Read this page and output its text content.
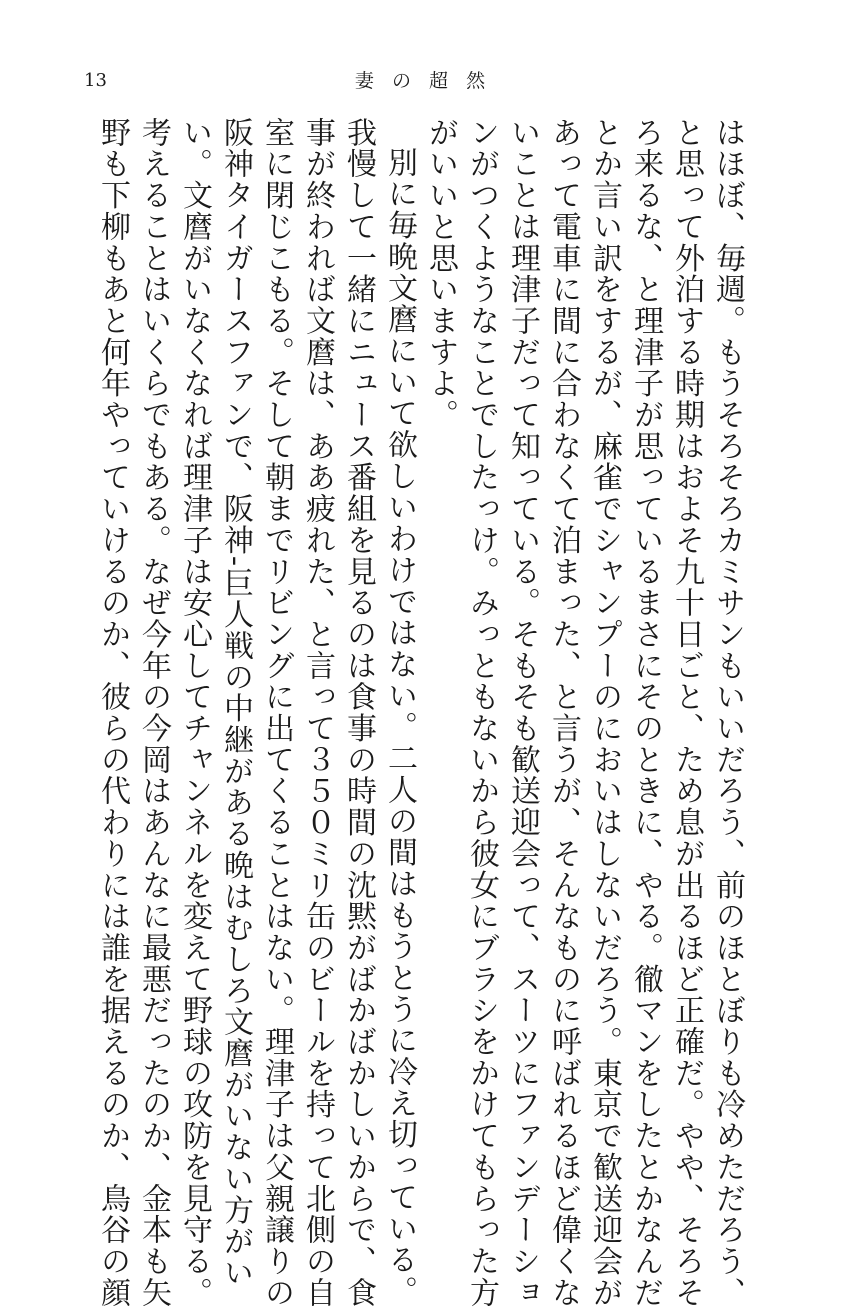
13	妻の超然
はほぼ、毎週。もうそろそろカミサンもいいだろう、前のほとぼりも冷めただろう、
と思って外泊する時期はおよそ九十日ごと、ため息が出るほど正確だ。やや、そろそ
ろ来るな、と理津子が思っているまさにそのときに、やる。徹マンをしたとかなんだ
とか言い訳をするが、麻雀でシャンプーのにおいはしないだろう。東京で歓送迎会が
あって電車に間に合わなくて泊まった、と言うが、そんなものに呼ばれるほど偉くな
いことは理津子だって知っている。そもそも歓送迎会って、スーツにファンデーショ
ンがつくようなことでしたっけ。みっともないから彼女にブラシをかけてもらった方
がいいと思いますよ。
別に毎晩文麿にいて欲しいわけではない。二人の間はもうとうに冷え切っている。
我慢して一緒にニュース番組を見るのは食事の時間の沈黙がばかばかしいからで、食
事が終われば文麿は、ああ疲れた、と言って３５０ミリ缶のビールを持って北側の自
室に閉じこもる。そして朝までリビングに出てくることはない。理津子は父親譲りの
阪神タイガースファンで、阪神‐巨人戦の中継がある晩はむしろ文麿がいない方がい
い。文麿がいなくなれば理津子は安心してチャンネルを変えて野球の攻防を見守る。
考えることはいくらでもある。なぜ今年の今岡はあんなに最悪だったのか、金本も矢
野も下柳もあと何年やっていけるのか、彼らの代わりには誰を据えるのか、鳥谷の顔
